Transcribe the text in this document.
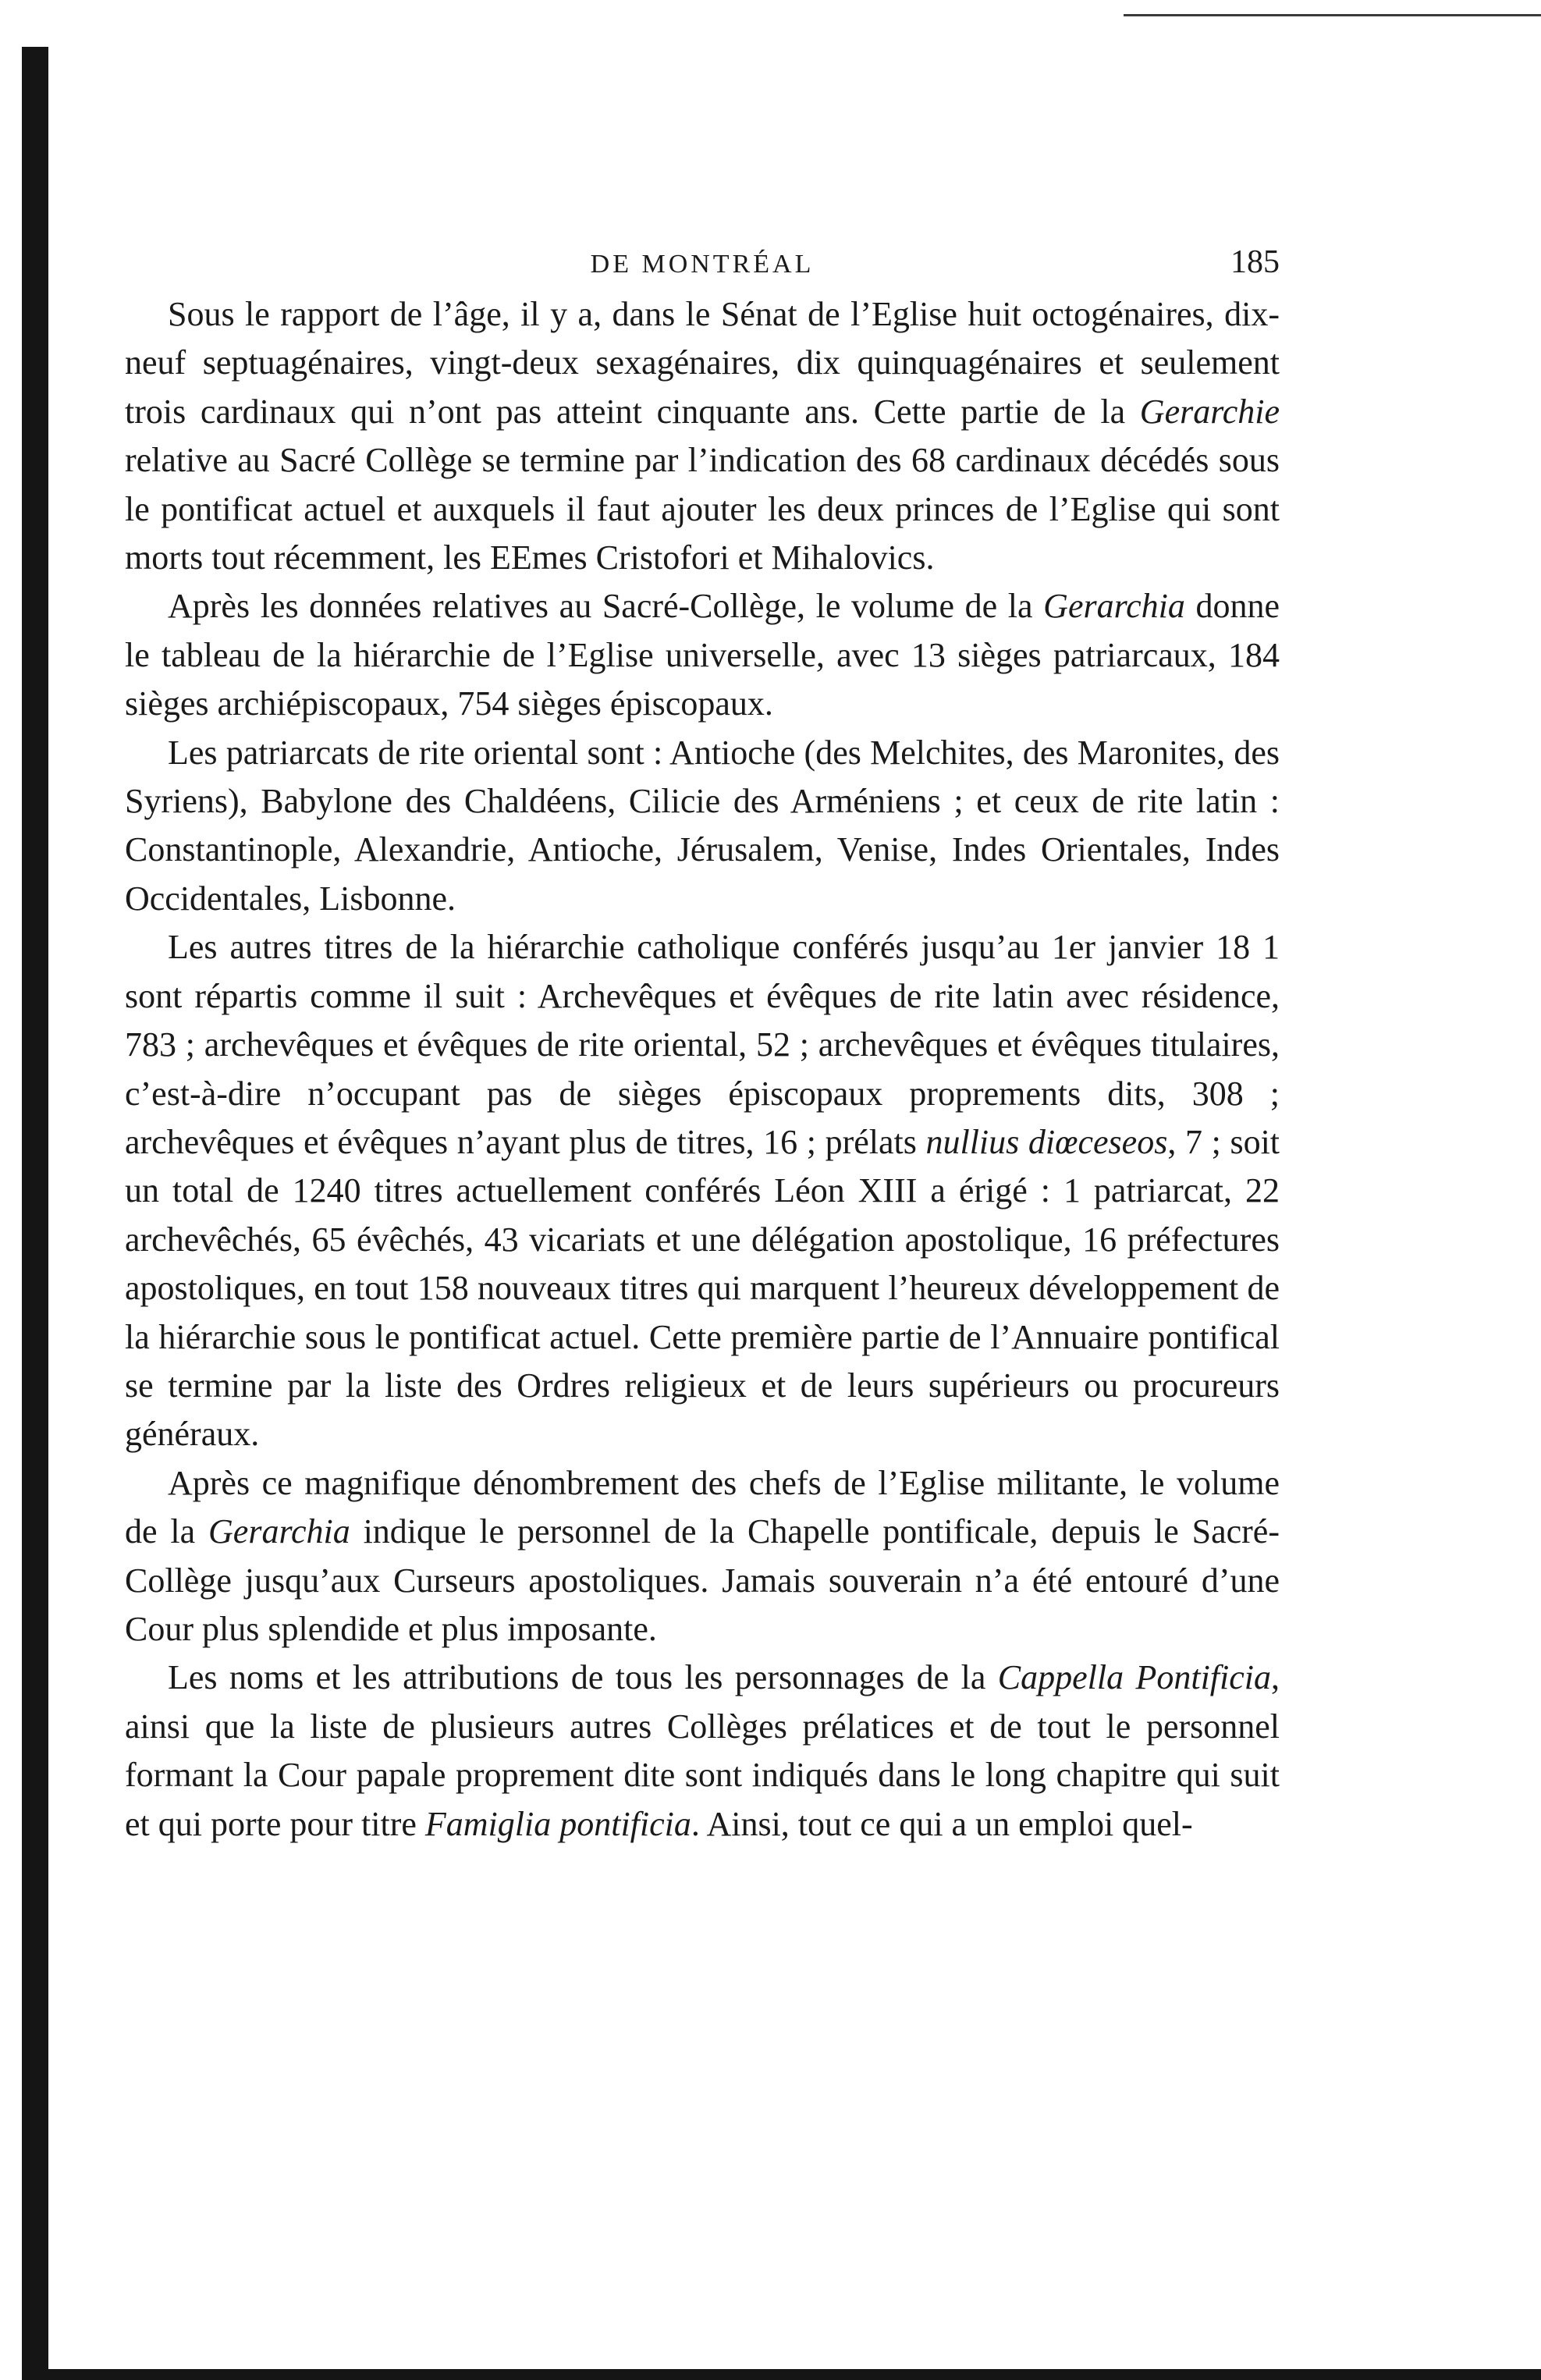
DE MONTRÉAL	185

Sous le rapport de l’âge, il y a, dans le Sénat de l’Eglise huit octogénaires, dix-neuf septuagénaires, vingt-deux sexagénaires, dix quinquagénaires et seulement trois cardinaux qui n’ont pas atteint cinquante ans. Cette partie de la Gerarchie relative au Sacré Collège se termine par l’indication des 68 cardinaux décédés sous le pontificat actuel et auxquels il faut ajouter les deux princes de l’Eglise qui sont morts tout récemment, les EEmes Cristofori et Mihalovics.

Après les données relatives au Sacré-Collège, le volume de la Gerarchia donne le tableau de la hiérarchie de l’Eglise universelle, avec 13 sièges patriarcaux, 184 sièges archiépiscopaux, 754 sièges épiscopaux.

Les patriarcats de rite oriental sont : Antioche (des Melchites, des Maronites, des Syriens), Babylone des Chaldéens, Cilicie des Arméniens ; et ceux de rite latin : Constantinople, Alexandrie, Antioche, Jérusalem, Venise, Indes Orientales, Indes Occidentales, Lisbonne.

Les autres titres de la hiérarchie catholique conférés jusqu’au 1er janvier 18 1 sont répartis comme il suit : Archevêques et évêques de rite latin avec résidence, 783 ; archevêques et évêques de rite oriental, 52 ; archevêques et évêques titulaires, c’est-à-dire n’occupant pas de sièges épiscopaux proprements dits, 308 ; archevêques et évêques n’ayant plus de titres, 16 ; prélats nullius diœceseos, 7 ; soit un total de 1240 titres actuellement conférés Léon XIII a érigé : 1 patriarcat, 22 archevêchés, 65 évêchés, 43 vicariats et une délégation apostolique, 16 préfectures apostoliques, en tout 158 nouveaux titres qui marquent l’heureux développement de la hiérarchie sous le pontificat actuel. Cette première partie de l’Annuaire pontifical se termine par la liste des Ordres religieux et de leurs supérieurs ou procureurs généraux.

Après ce magnifique dénombrement des chefs de l’Eglise militante, le volume de la Gerarchia indique le personnel de la Chapelle pontificale, depuis le Sacré-Collège jusqu’aux Curseurs apostoliques. Jamais souverain n’a été entouré d’une Cour plus splendide et plus imposante.

Les noms et les attributions de tous les personnages de la Cappella Pontificia, ainsi que la liste de plusieurs autres Collèges prélatices et de tout le personnel formant la Cour papale proprement dite sont indiqués dans le long chapitre qui suit et qui porte pour titre Famiglia pontificia. Ainsi, tout ce qui a un emploi quel-
